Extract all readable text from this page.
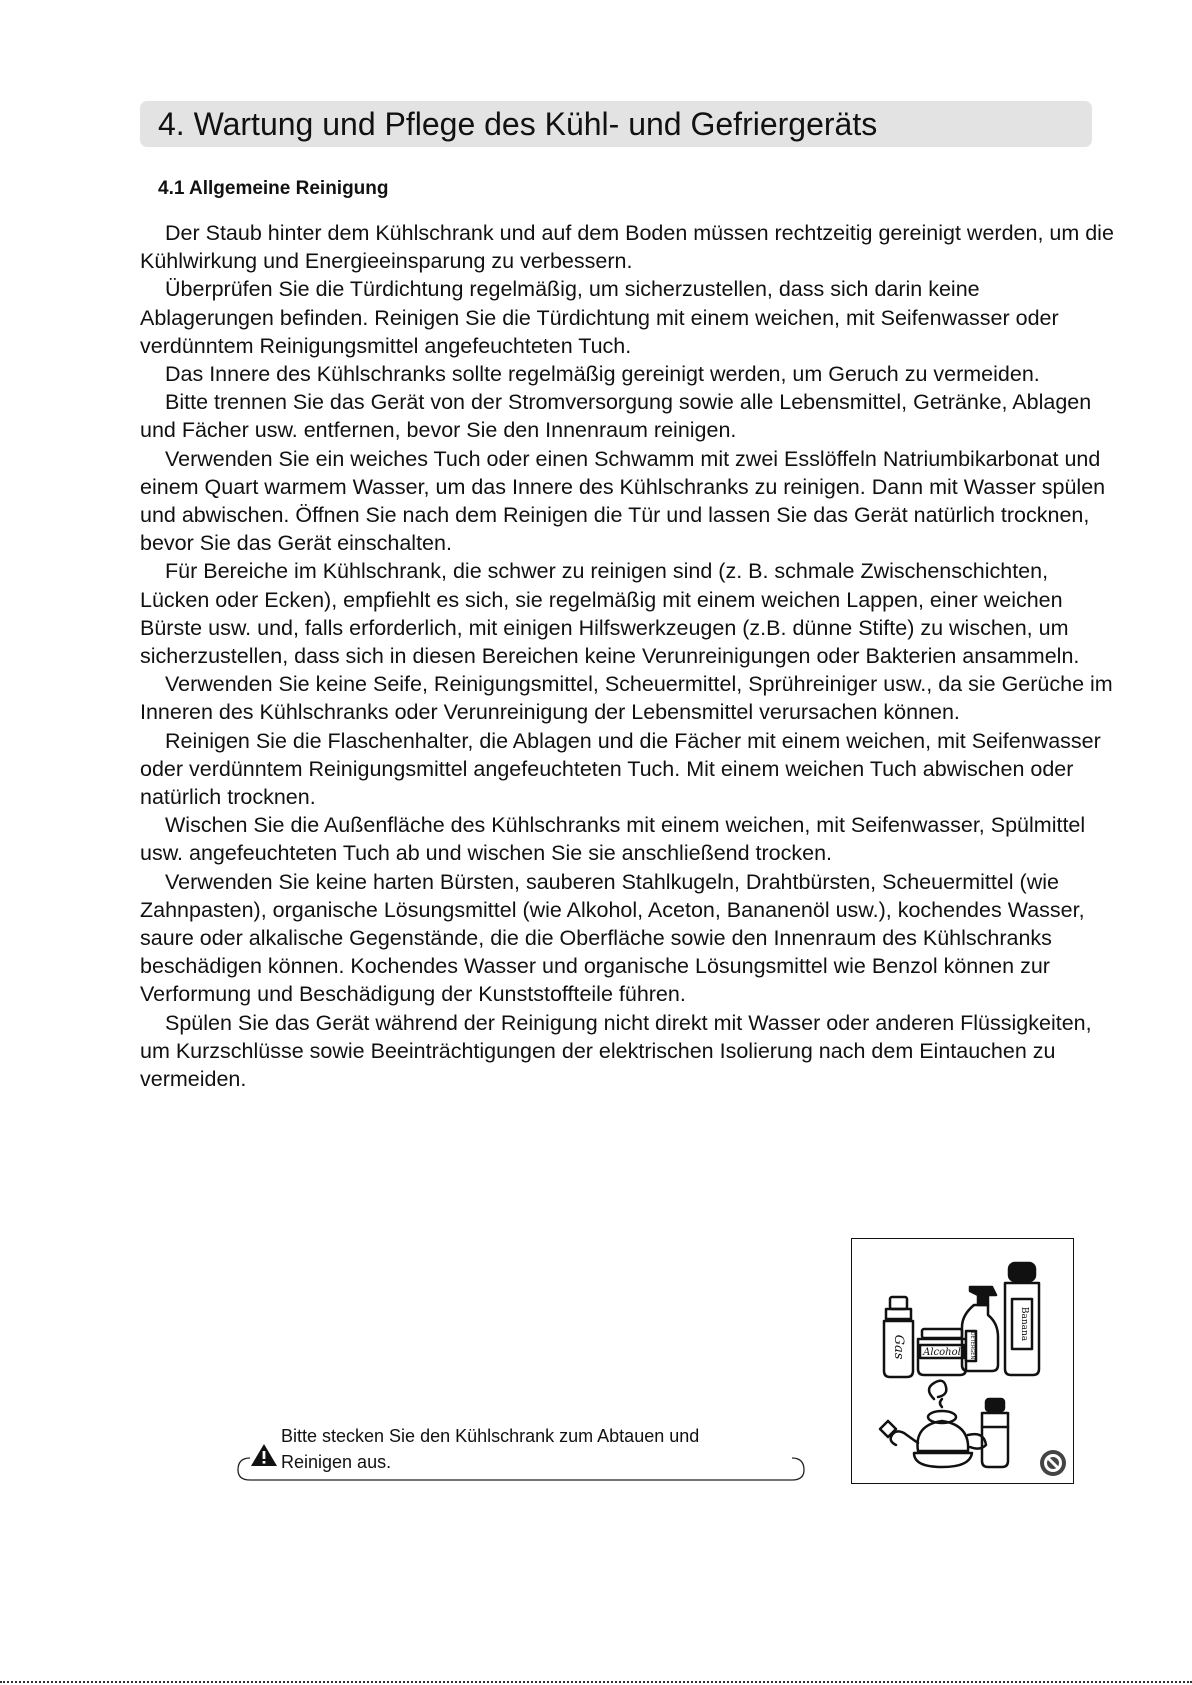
4. Wartung und Pflege des Kühl- und Gefriergeräts
4.1 Allgemeine Reinigung

Der Staub hinter dem Kühlschrank und auf dem Boden müssen rechtzeitig gereinigt werden, um die Kühlwirkung und Energieeinsparung zu verbessern.

Überprüfen Sie die Türdichtung regelmäßig, um sicherzustellen, dass sich darin keine Ablagerungen befinden. Reinigen Sie die Türdichtung mit einem weichen, mit Seifenwasser oder verdünntem Reinigungsmittel angefeuchteten Tuch.

Das Innere des Kühlschranks sollte regelmäßig gereinigt werden, um Geruch zu vermeiden.

Bitte trennen Sie das Gerät von der Stromversorgung sowie alle Lebensmittel, Getränke, Ablagen und Fächer usw. entfernen, bevor Sie den Innenraum reinigen.

Verwenden Sie ein weiches Tuch oder einen Schwamm mit zwei Esslöffeln Natriumbikarbonat und einem Quart warmem Wasser, um das Innere des Kühlschranks zu reinigen. Dann mit Wasser spülen und abwischen. Öffnen Sie nach dem Reinigen die Tür und lassen Sie das Gerät natürlich trocknen, bevor Sie das Gerät einschalten.

Für Bereiche im Kühlschrank, die schwer zu reinigen sind (z. B. schmale Zwischenschichten, Lücken oder Ecken), empfiehlt es sich, sie regelmäßig mit einem weichen Lappen, einer weichen Bürste usw. und, falls erforderlich, mit einigen Hilfswerkzeugen (z.B. dünne Stifte) zu wischen, um sicherzustellen, dass sich in diesen Bereichen keine Verunreinigungen oder Bakterien ansammeln.

Verwenden Sie keine Seife, Reinigungsmittel, Scheuermittel, Sprühreiniger usw., da sie Gerüche im Inneren des Kühlschranks oder Verunreinigung der Lebensmittel verursachen können.

Reinigen Sie die Flaschenhalter, die Ablagen und die Fächer mit einem weichen, mit Seifenwasser oder verdünntem Reinigungsmittel angefeuchteten Tuch. Mit einem weichen Tuch abwischen oder natürlich trocknen.

Wischen Sie die Außenfläche des Kühlschranks mit einem weichen, mit Seifenwasser, Spülmittel usw. angefeuchteten Tuch ab und wischen Sie sie anschließend trocken.

Verwenden Sie keine harten Bürsten, sauberen Stahlkugeln, Drahtbürsten, Scheuermittel (wie Zahnpasten), organische Lösungsmittel (wie Alkohol, Aceton, Bananenöl usw.), kochendes Wasser, saure oder alkalische Gegenstände, die die Oberfläche sowie den Innenraum des Kühlschranks beschädigen können. Kochendes Wasser und organische Lösungsmittel wie Benzol können zur Verformung und Beschädigung der Kunststoffteile führen.

Spülen Sie das Gerät während der Reinigung nicht direkt mit Wasser oder anderen Flüssigkeiten, um Kurzschlüsse sowie Beeinträchtigungen der elektrischen Isolierung nach dem Eintauchen zu vermeiden.

Gas Alcohol DETERGENT
Banana
Bitte stecken Sie den Kühlschrank zum Abtauen und
Reinigen aus.
